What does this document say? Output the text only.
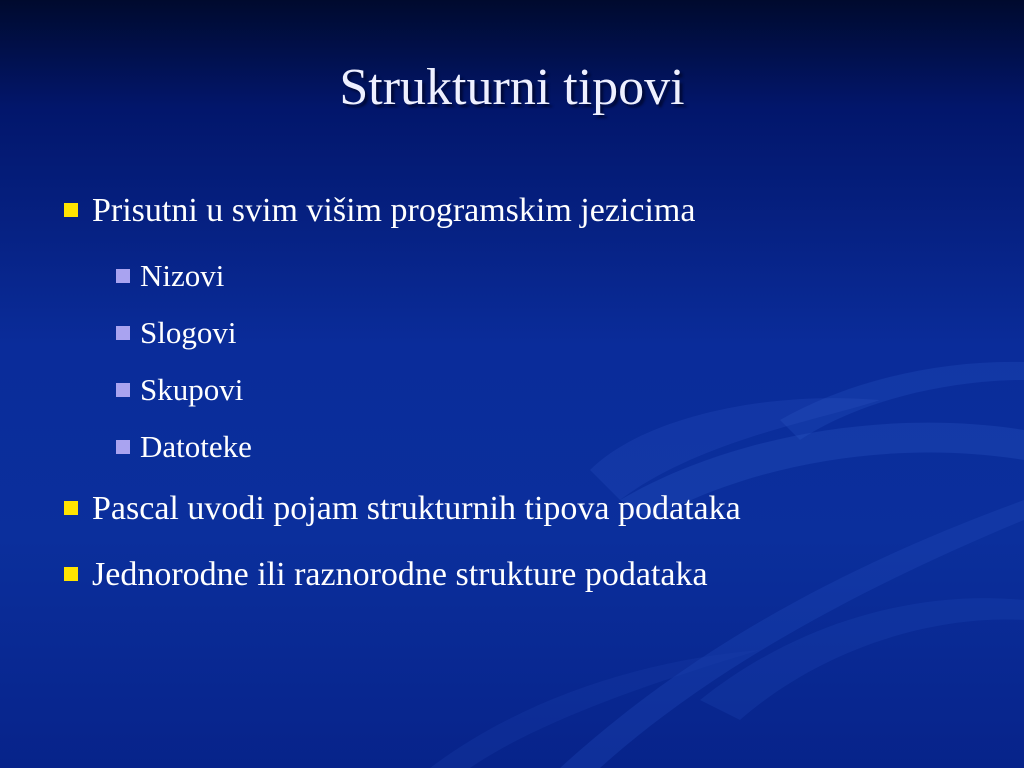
Strukturni tipovi
Prisutni u svim višim programskim jezicima
Nizovi
Slogovi
Skupovi
Datoteke
Pascal uvodi pojam strukturnih tipova podataka
Jednorodne ili raznorodne strukture podataka
